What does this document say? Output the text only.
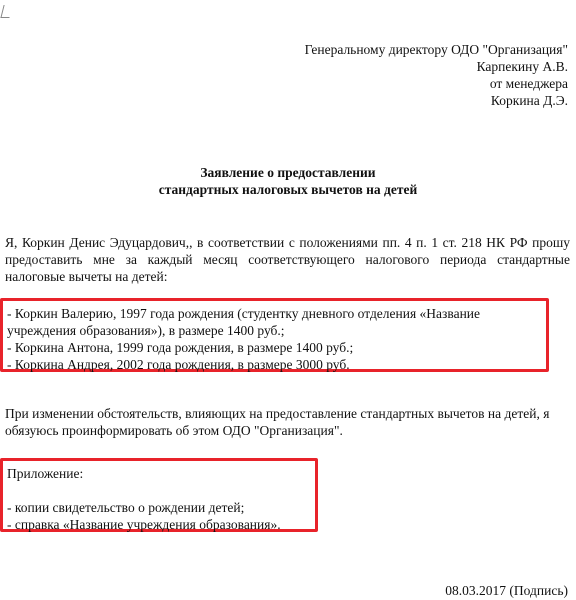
Генеральному директору ОДО "Организация"
Карпекину А.В.
от менеджера
Коркина Д.Э.
Заявление о предоставлении
стандартных налоговых вычетов на детей
Я, Коркин Денис Эдуцардович,, в соответствии с положениями пп. 4 п. 1 ст. 218 НК РФ прошу предоставить мне за каждый месяц соответствующего налогового периода стандартные налоговые вычеты на детей:

- Коркин Валерию, 1997 года рождения (студентку дневного отделения «Название учреждения образования»), в размере 1400 руб.;

- Коркина Антона, 1999 года рождения, в размере 1400 руб.;

- Коркина Андрея, 2002 года рождения, в размере 3000 руб.

При изменении обстоятельств, влияющих на предоставление стандартных вычетов на детей, я обязуюсь проинформировать об этом ОДО "Организация".

Приложение:

- копии свидетельство о рождении детей;

- справка «Название учреждения образования».

08.03.2017 (Подпись)
